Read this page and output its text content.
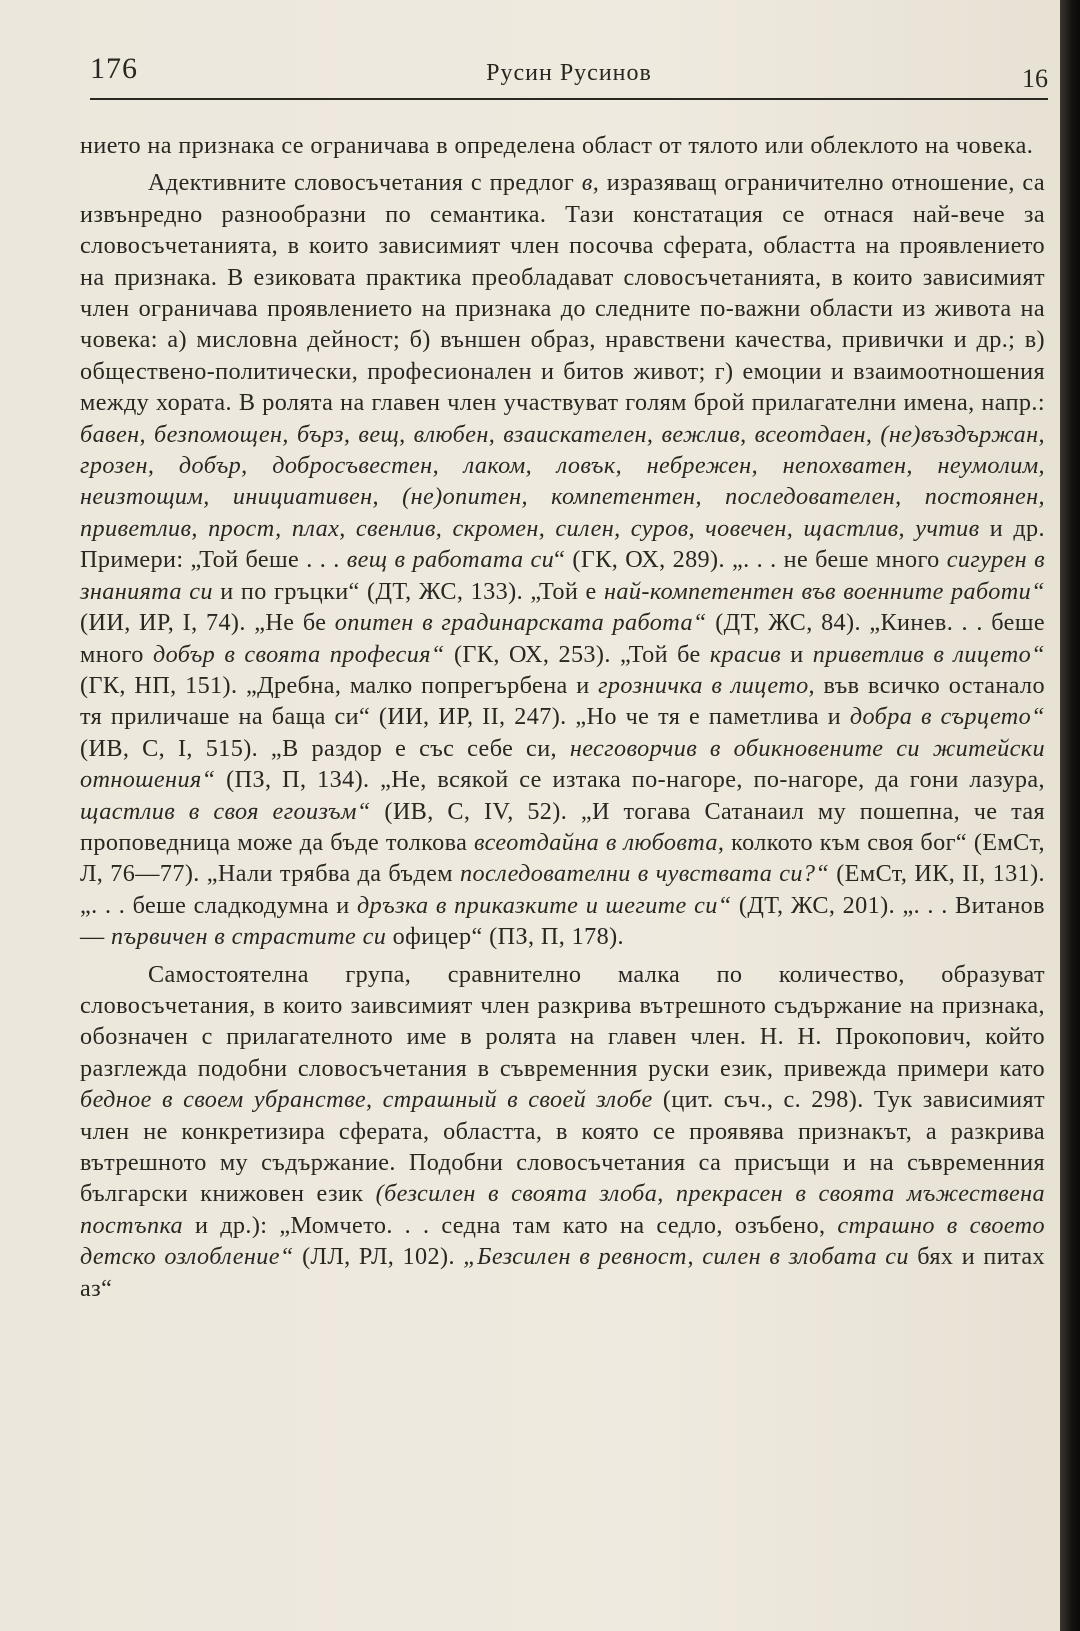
176	Русин Русинов	16

нието на признака се ограничава в определена област от тялото или облеклото на човека.

Адективните словосъчетания с предлог в, изразяващ ограничително отношение, са извънредно разнообразни по семантика. Тази констатация се отнася най-вече за словосъчетанията, в които зависимият член посочва сферата, областта на проявлението на признака. В езиковата практика преобладават словосъчетанията, в които зависимият член ограничава проявлението на признака до следните по-важни области из живота на човека: а) мисловна дейност; б) външен образ, нравствени качества, привички и др.; в) обществено-политически, професионален и битов живот; г) емоции и взаимоотношения между хората. В ролята на главен член участвуват голям брой прилагателни имена, напр.: бавен, безпомощен, бърз, вещ, влюбен, взаискателен, вежлив, всеотдаен, (не)въздържан, грозен, добър, добросъвестен, лаком, ловък, небрежен, непохватен, неумолим, неизтощим, инициативен, (не)опитен, компетентен, последователен, постоянен, приветлив, прост, плах, свенлив, скромен, силен, суров, човечен, щастлив, учтив и др. Примери: „Той беше . . . вещ в работата си“ (ГК, ОХ, 289). „. . . не беше много сигурен в знанията си и по гръцки“ (ДТ, ЖС, 133). „Той е най-компетентен във военните работи“ (ИИ, ИР, I, 74). „Не бе опитен в градинарската работа“ (ДТ, ЖС, 84). „Кинев. . . беше много добър в своята професия“ (ГК, ОХ, 253). „Той бе красив и приветлив в лицето“ (ГК, НП, 151). „Дребна, малко попрегърбена и грозничка в лицето, във всичко останало тя приличаше на баща си“ (ИИ, ИР, II, 247). „Но че тя е паметлива и добра в сърцето“ (ИВ, С, I, 515). „В раздор е със себе си, несговорчив в обикновените си житейски отношения“ (ПЗ, П, 134). „Не, всякой се изтака по-нагоре, по-нагоре, да гони лазура, щастлив в своя егоизъм“ (ИВ, С, IV, 52). „И тогава Сатанаил му пошепна, че тая проповедница може да бъде толкова всеотдайна в любовта, колкото към своя бог“ (ЕмСт, Л, 76—77). „Нали трябва да бъдем последователни в чувствата си?“ (ЕмСт, ИК, II, 131). „. . . беше сладкодумна и дръзка в приказките и шегите си“ (ДТ, ЖС, 201). „. . . Витанов — първичен в страстите си офицер“ (ПЗ, П, 178).

Самостоятелна група, сравнително малка по количество, образуват словосъчетания, в които заивсимият член разкрива вътрешното съдържание на признака, обозначен с прилагателното име в ролята на главен член. Н. Н. Прокопович, който разглежда подобни словосъчетания в съвременния руски език, привежда примери като бедное в своем убранстве, страшный в своей злобе (цит. съч., с. 298). Тук зависимият член не конкретизира сферата, областта, в която се проявява признакът, а разкрива вътрешното му съдържание. Подобни словосъчетания са присъщи и на съвременния български книжовен език (безсилен в своята злоба, прекрасен в своята мъжествена постъпка и др.): „Момчето. . . седна там като на седло, озъбено, страшно в своето детско озлобление“ (ЛЛ, РЛ, 102). „Безсилен в ревност, силен в злобата си бях и питах аз“
